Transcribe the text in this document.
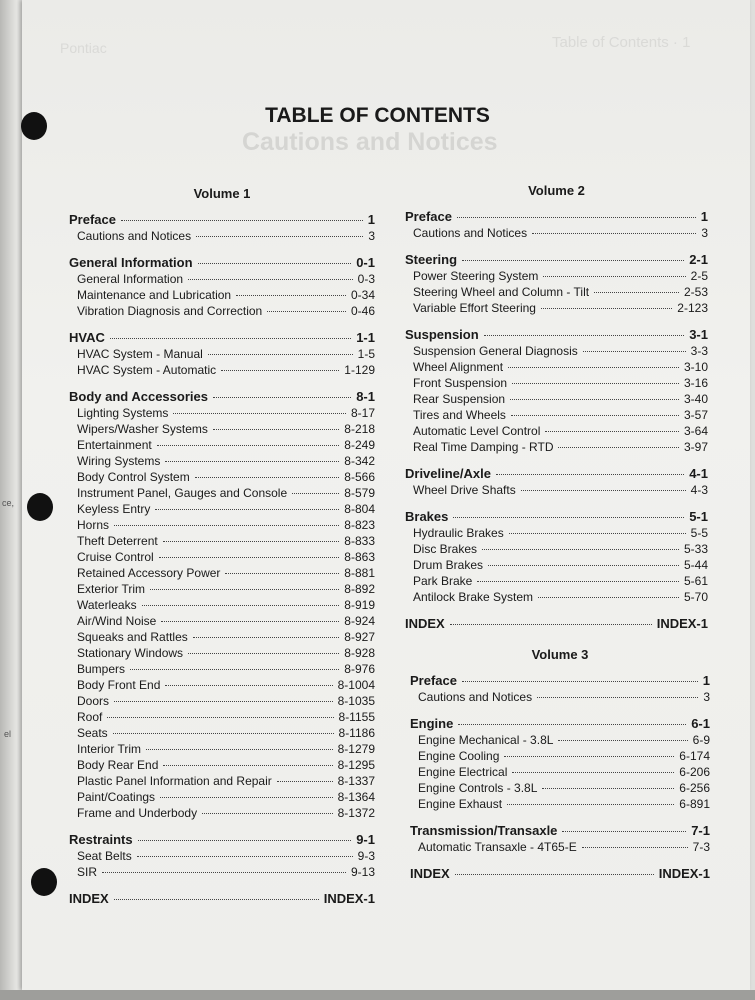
ce,
el
Pontiac	Table of Contents · 1
Cautions and Notices
TABLE OF CONTENTS
Volume 1
Preface	1
Cautions and Notices	3
General Information	0-1
General Information	0-3
Maintenance and Lubrication	0-34
Vibration Diagnosis and Correction	0-46
HVAC	1-1
HVAC System - Manual	1-5
HVAC System - Automatic	1-129
Body and Accessories	8-1
Lighting Systems	8-17
Wipers/Washer Systems	8-218
Entertainment	8-249
Wiring Systems	8-342
Body Control System	8-566
Instrument Panel, Gauges and Console	8-579
Keyless Entry	8-804
Horns	8-823
Theft Deterrent	8-833
Cruise Control	8-863
Retained Accessory Power	8-881
Exterior Trim	8-892
Waterleaks	8-919
Air/Wind Noise	8-924
Squeaks and Rattles	8-927
Stationary Windows	8-928
Bumpers	8-976
Body Front End	8-1004
Doors	8-1035
Roof	8-1155
Seats	8-1186
Interior Trim	8-1279
Body Rear End	8-1295
Plastic Panel Information and Repair	8-1337
Paint/Coatings	8-1364
Frame and Underbody	8-1372
Restraints	9-1
Seat Belts	9-3
SIR	9-13
INDEX	INDEX-1
Volume 2
Preface	1
Cautions and Notices	3
Steering	2-1
Power Steering System	2-5
Steering Wheel and Column - Tilt	2-53
Variable Effort Steering	2-123
Suspension	3-1
Suspension General Diagnosis	3-3
Wheel Alignment	3-10
Front Suspension	3-16
Rear Suspension	3-40
Tires and Wheels	3-57
Automatic Level Control	3-64
Real Time Damping - RTD	3-97
Driveline/Axle	4-1
Wheel Drive Shafts	4-3
Brakes	5-1
Hydraulic Brakes	5-5
Disc Brakes	5-33
Drum Brakes	5-44
Park Brake	5-61
Antilock Brake System	5-70
INDEX	INDEX-1
Volume 3
Preface	1
Cautions and Notices	3
Engine	6-1
Engine Mechanical - 3.8L	6-9
Engine Cooling	6-174
Engine Electrical	6-206
Engine Controls - 3.8L	6-256
Engine Exhaust	6-891
Transmission/Transaxle	7-1
Automatic Transaxle - 4T65-E	7-3
INDEX	INDEX-1
